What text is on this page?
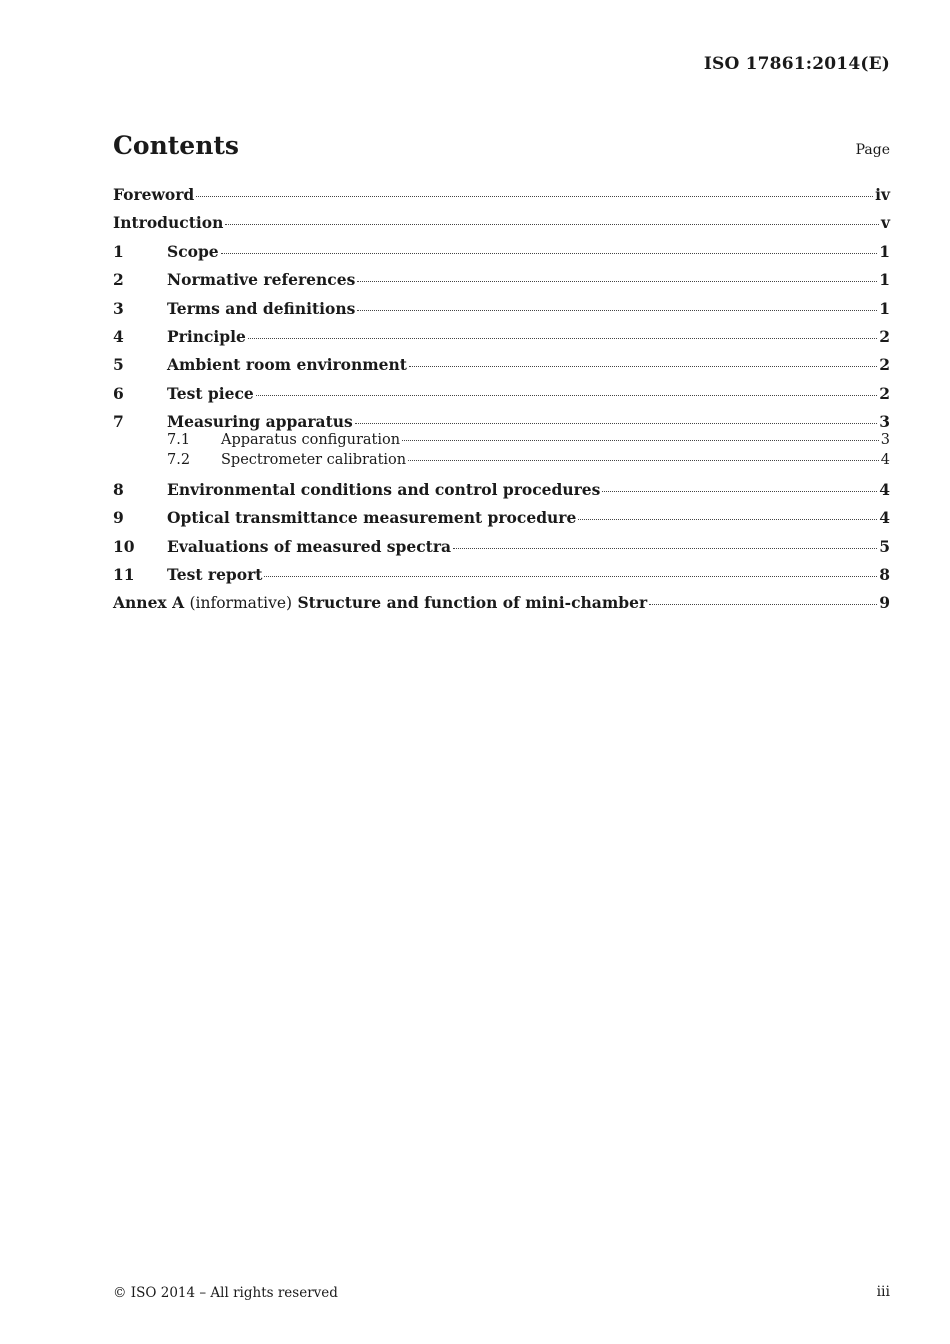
ISO 17861:2014(E)
Contents	Page
Foreword	iv
Introduction	v
1	Scope	1
2	Normative references	1
3	Terms and definitions	1
4	Principle	2
5	Ambient room environment	2
6	Test piece	2
7	Measuring apparatus	3
7.1	Apparatus configuration	3
7.2	Spectrometer calibration	4
8	Environmental conditions and control procedures	4
9	Optical transmittance measurement procedure	4
10	Evaluations of measured spectra	5
11	Test report	8
Annex A (informative) Structure and function of mini-chamber	9
© ISO 2014 – All rights reserved	iii
